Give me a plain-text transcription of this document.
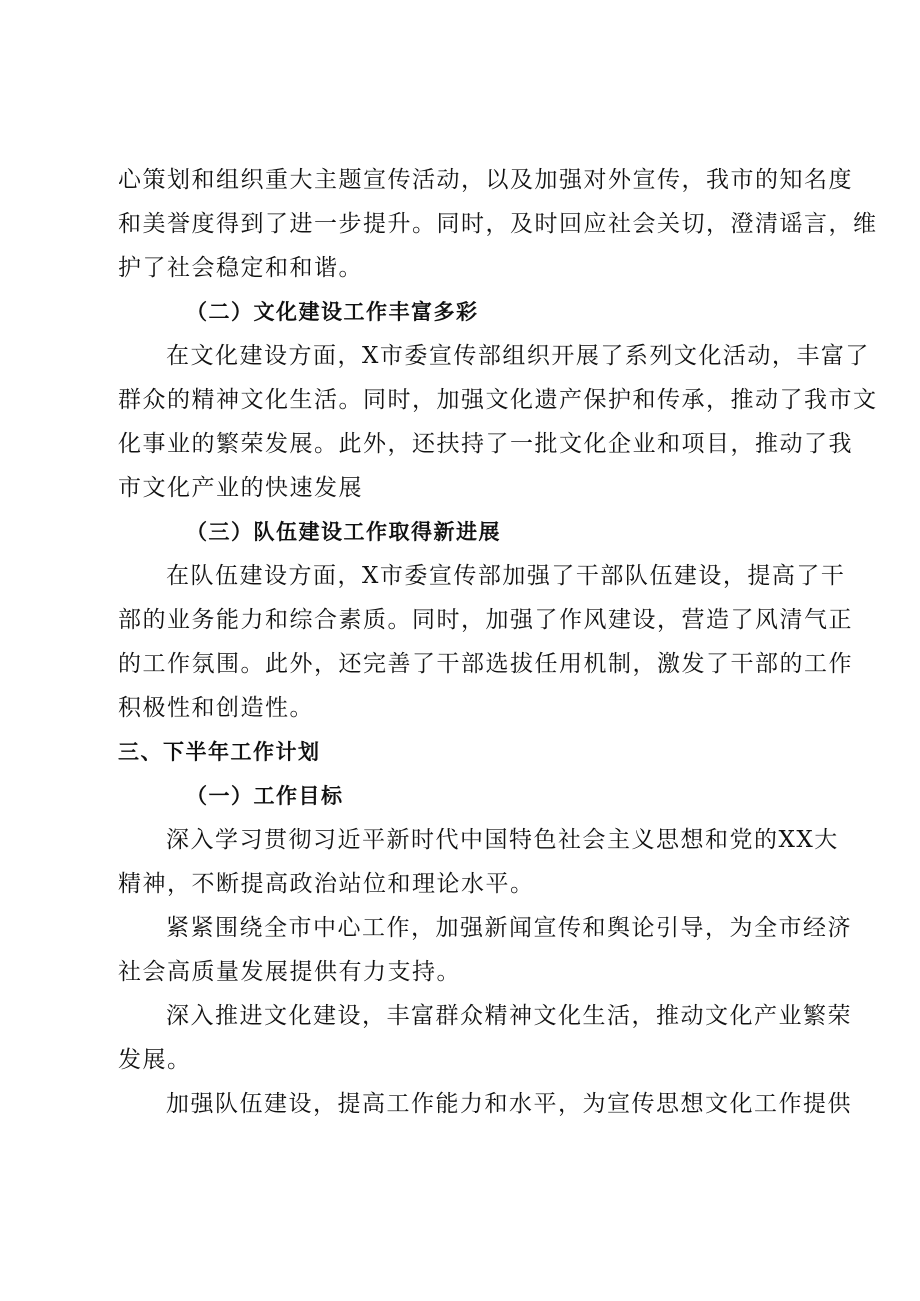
心策划和组织重大主题宣传活动，以及加强对外宣传，我市的知名度
和美誉度得到了进一步提升。同时，及时回应社会关切，澄清谣言，维
护了社会稳定和和谐。
（二）文化建设工作丰富多彩
在文化建设方面，X市委宣传部组织开展了系列文化活动，丰富了
群众的精神文化生活。同时，加强文化遗产保护和传承，推动了我市文
化事业的繁荣发展。此外，还扶持了一批文化企业和项目，推动了我
市文化产业的快速发展
（三）队伍建设工作取得新进展
在队伍建设方面，X市委宣传部加强了干部队伍建设，提高了干
部的业务能力和综合素质。同时，加强了作风建设，营造了风清气正
的工作氛围。此外，还完善了干部选拔任用机制，激发了干部的工作
积极性和创造性。
三、下半年工作计划
（一）工作目标
深入学习贯彻习近平新时代中国特色社会主义思想和党的XX大
精神，不断提高政治站位和理论水平。
紧紧围绕全市中心工作，加强新闻宣传和舆论引导，为全市经济
社会高质量发展提供有力支持。
深入推进文化建设，丰富群众精神文化生活，推动文化产业繁荣
发展。
加强队伍建设，提高工作能力和水平，为宣传思想文化工作提供
